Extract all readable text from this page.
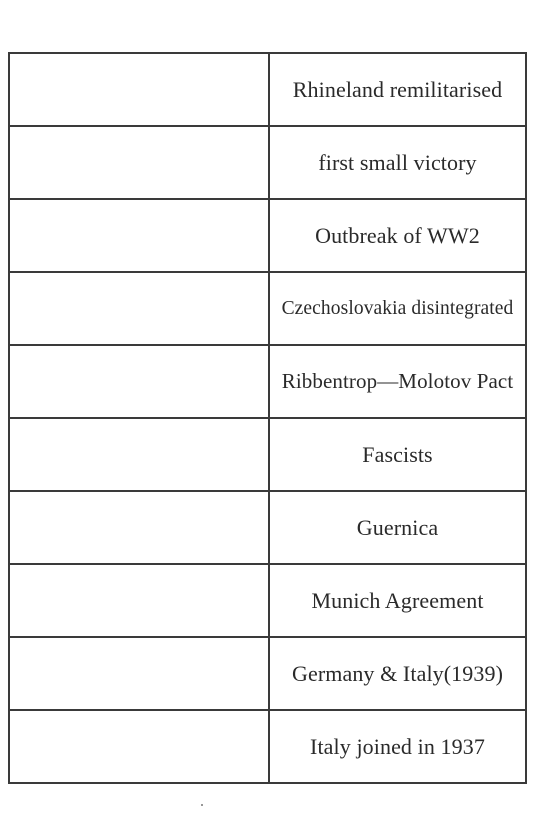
	Rhineland remilitarised
	first small victory
	Outbreak of WW2
	Czechoslovakia disintegrated
	Ribbentrop—Molotov Pact
	Fascists
	Guernica
	Munich Agreement
	Germany & Italy(1939)
	Italy joined in 1937
